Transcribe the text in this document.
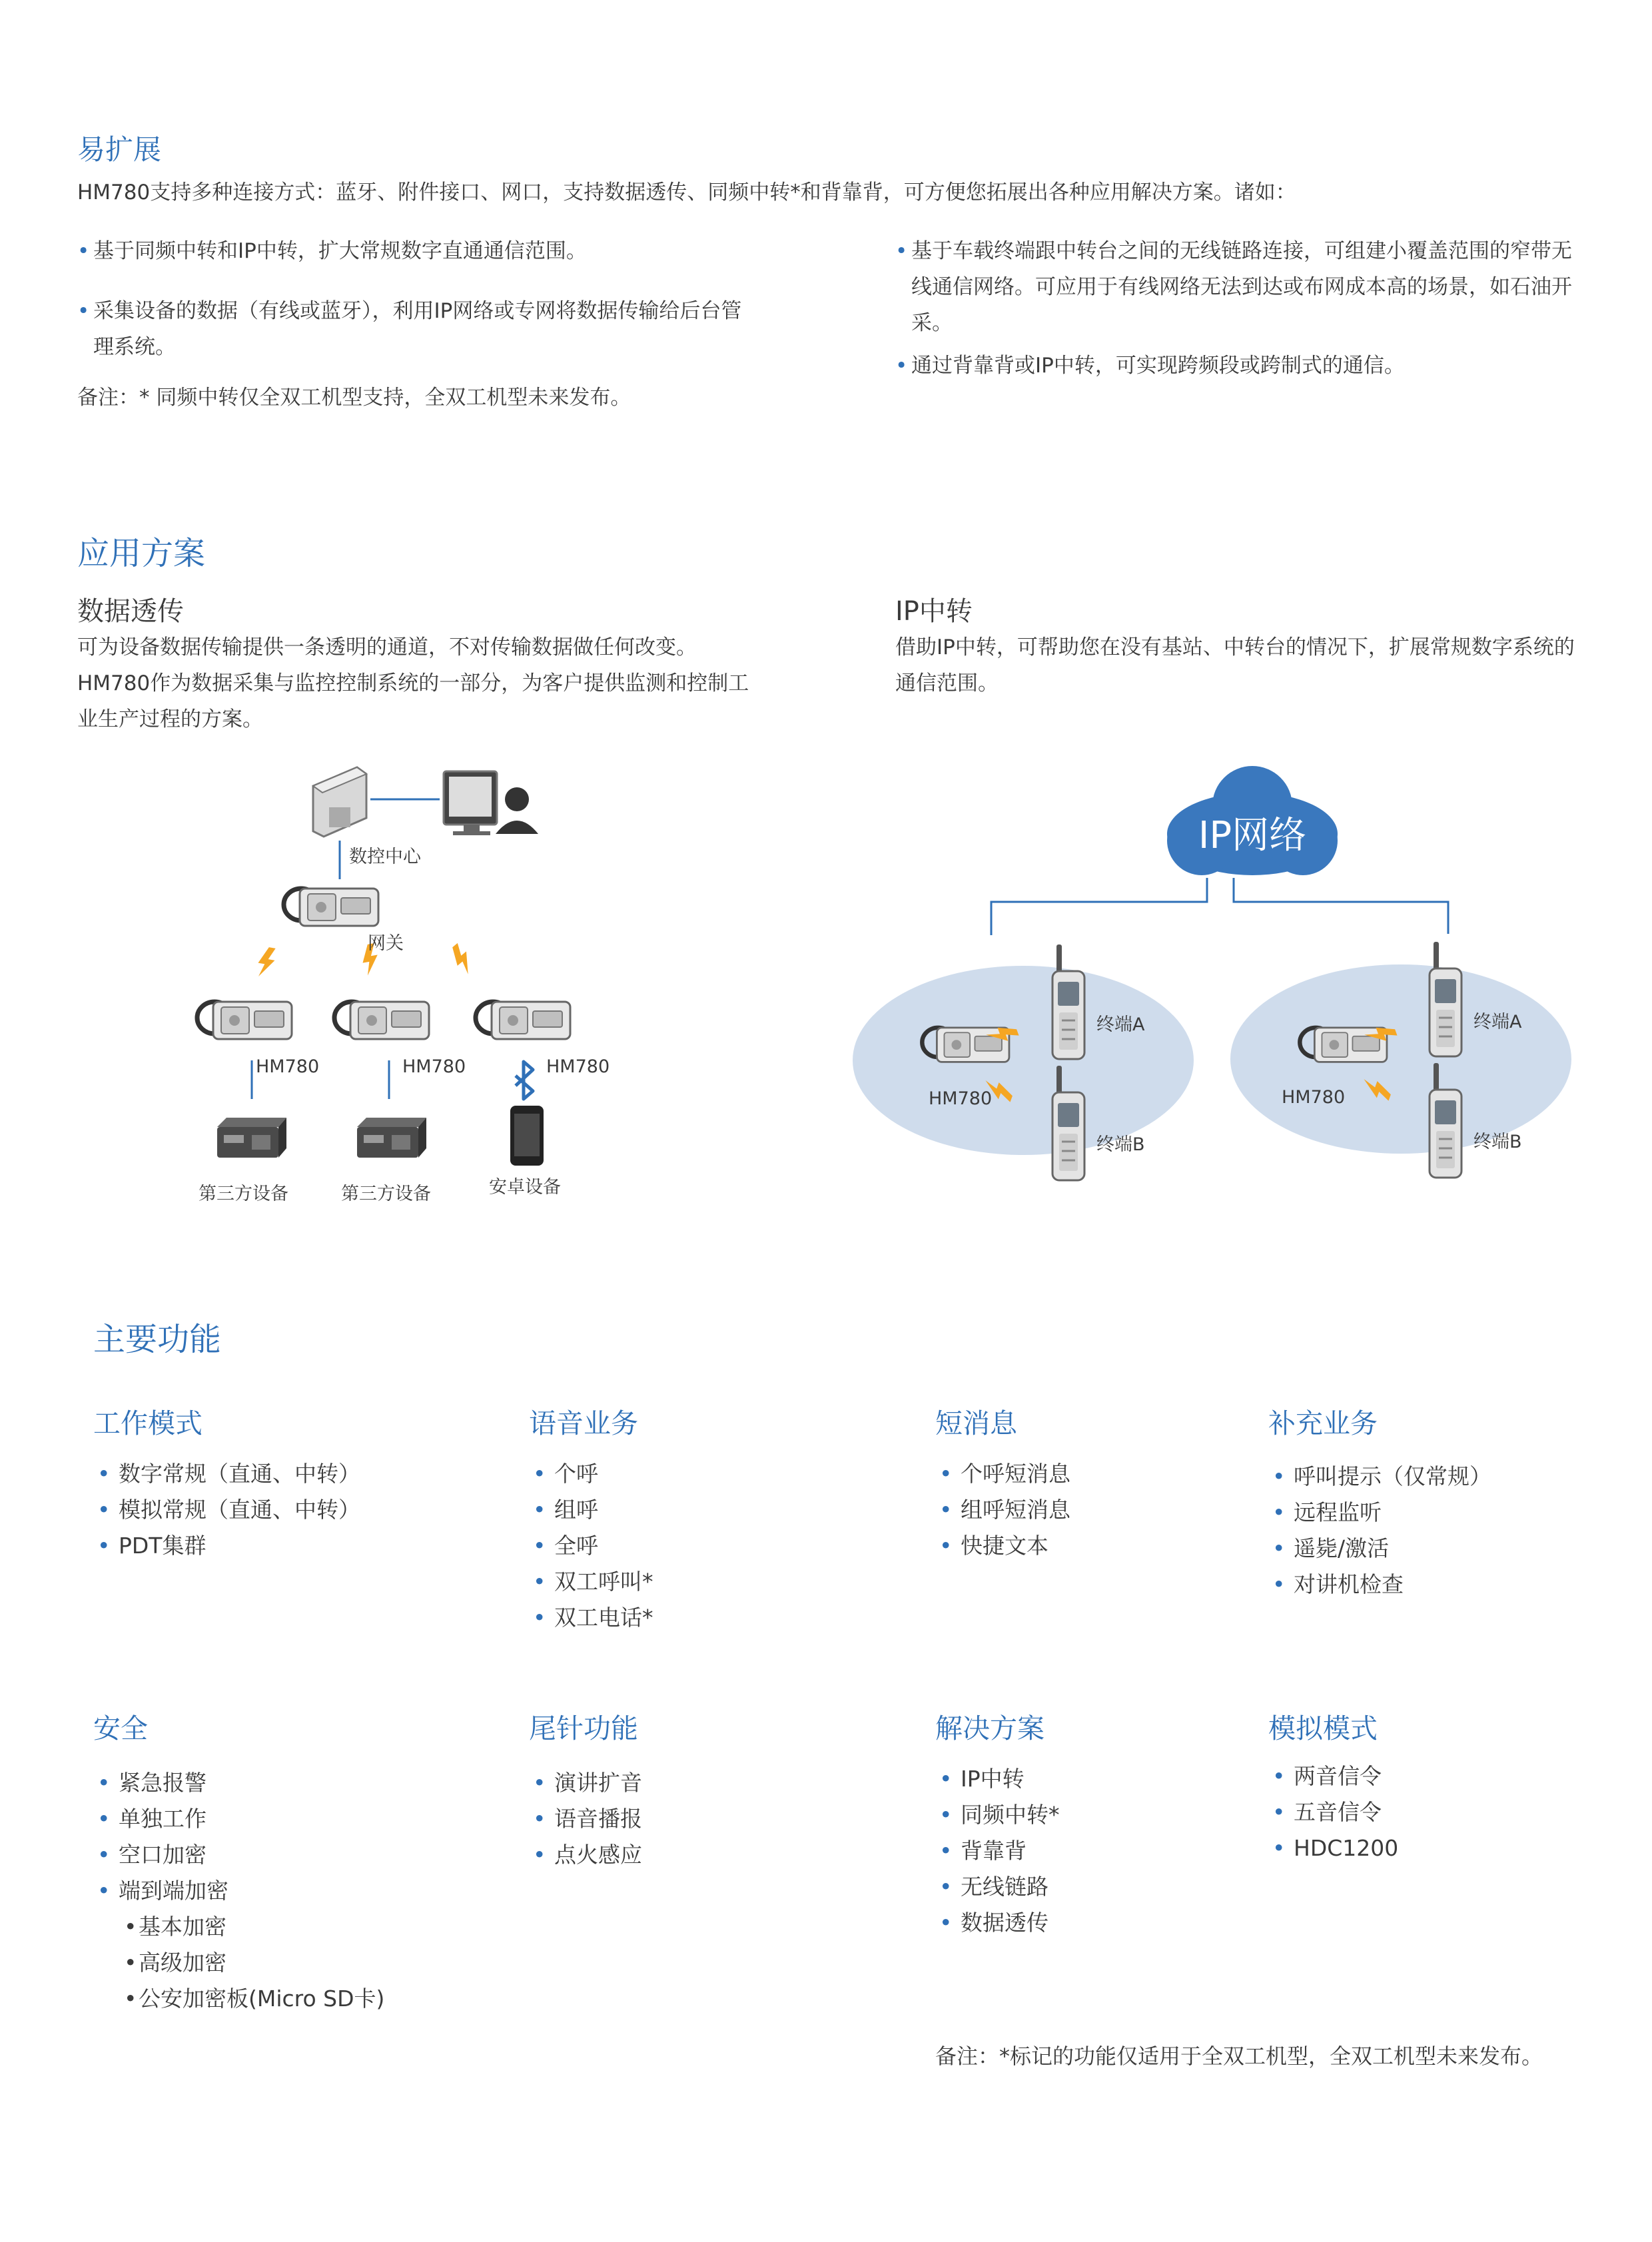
易扩展
HM780支持多种连接方式：蓝牙、附件接口、网口，支持数据透传、同频中转*和背靠背，可方便您拓展出各种应用解决方案。诸如：
• 基于同频中转和IP中转，扩大常规数字直通通信范围。
• 采集设备的数据（有线或蓝牙），利用IP网络或专网将数据传输给后台管理系统。
备注：* 同频中转仅全双工机型支持，全双工机型未来发布。
• 基于车载终端跟中转台之间的无线链路连接，可组建小覆盖范围的窄带无线通信网络。可应用于有线网络无法到达或布网成本高的场景，如石油开采。
• 通过背靠背或IP中转，可实现跨频段或跨制式的通信。
应用方案
数据透传
可为设备数据传输提供一条透明的通道，不对传输数据做任何改变。HM780作为数据采集与监控控制系统的一部分，为客户提供监测和控制工业生产过程的方案。
IP中转
借助IP中转，可帮助您在没有基站、中转台的情况下，扩展常规数字系统的通信范围。
数控中心
网关
HM780	HM780	HM780
第三方设备	第三方设备	安卓设备
IP网络
终端A
终端B
HM780
终端A
终端B
HM780
主要功能
工作模式
• 数字常规（直通、中转）
• 模拟常规（直通、中转）
• PDT集群
语音业务
• 个呼
• 组呼
• 全呼
• 双工呼叫*
• 双工电话*
短消息
• 个呼短消息
• 组呼短消息
• 快捷文本
补充业务
• 呼叫提示（仅常规）
• 远程监听
• 遥毙/激活
• 对讲机检查
安全
• 紧急报警
• 单独工作
• 空口加密
• 端到端加密
• 基本加密
• 高级加密
• 公安加密板(Micro SD卡)
尾针功能
• 演讲扩音
• 语音播报
• 点火感应
解决方案
• IP中转
• 同频中转*
• 背靠背
• 无线链路
• 数据透传
模拟模式
• 两音信令
• 五音信令
• HDC1200
备注：*标记的功能仅适用于全双工机型，全双工机型未来发布。
